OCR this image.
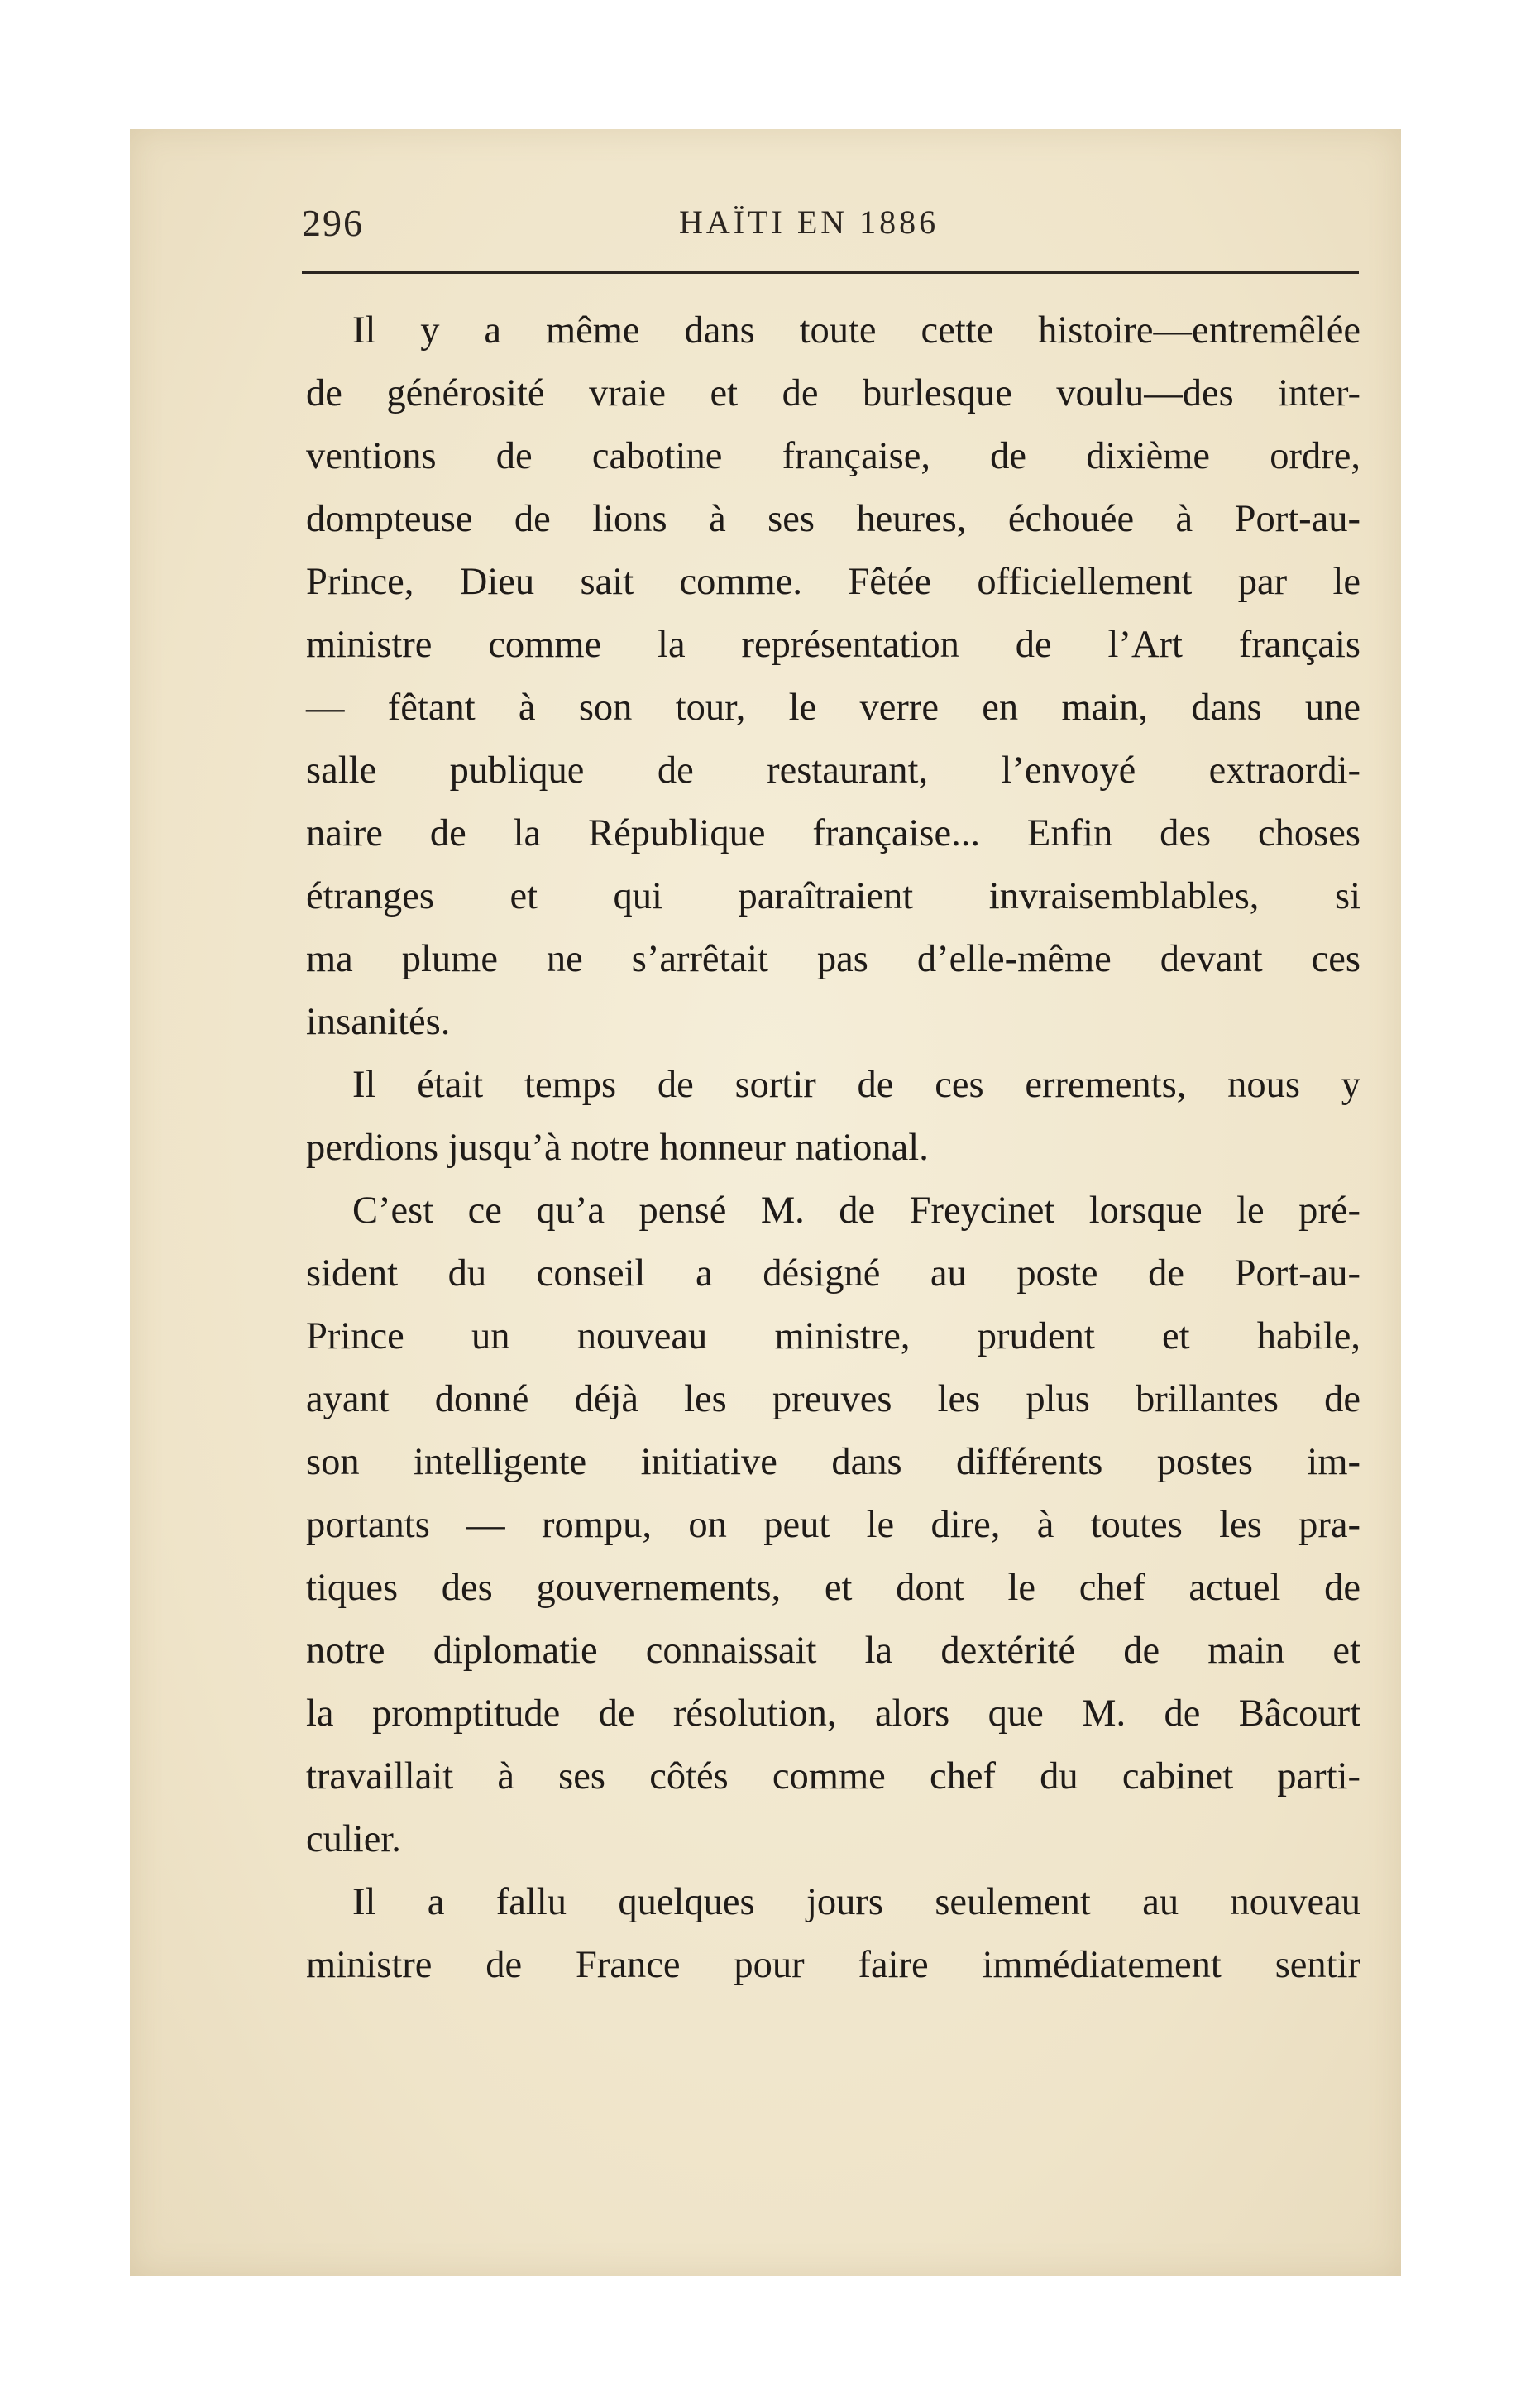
296	HAÏTI EN 1886
Il y a même dans toute cette histoire—entremêlée
de générosité vraie et de burlesque voulu—des inter-
ventions de cabotine française, de dixième ordre,
dompteuse de lions à ses heures, échouée à Port-au-
Prince, Dieu sait comme. Fêtée officiellement par le
ministre comme la représentation de l’Art français
— fêtant à son tour, le verre en main, dans une
salle publique de restaurant, l’envoyé extraordi-
naire de la République française... Enfin des choses
étranges et qui paraîtraient invraisemblables, si
ma plume ne s’arrêtait pas d’elle-même devant ces
insanités.
Il était temps de sortir de ces errements, nous y
perdions jusqu’à notre honneur national.
C’est ce qu’a pensé M. de Freycinet lorsque le pré-
sident du conseil a désigné au poste de Port-au-
Prince un nouveau ministre, prudent et habile,
ayant donné déjà les preuves les plus brillantes de
son intelligente initiative dans différents postes im-
portants — rompu, on peut le dire, à toutes les pra-
tiques des gouvernements, et dont le chef actuel de
notre diplomatie connaissait la dextérité de main et
la promptitude de résolution, alors que M. de Bâcourt
travaillait à ses côtés comme chef du cabinet parti-
culier.
Il a fallu quelques jours seulement au nouveau
ministre de France pour faire immédiatement sentir
